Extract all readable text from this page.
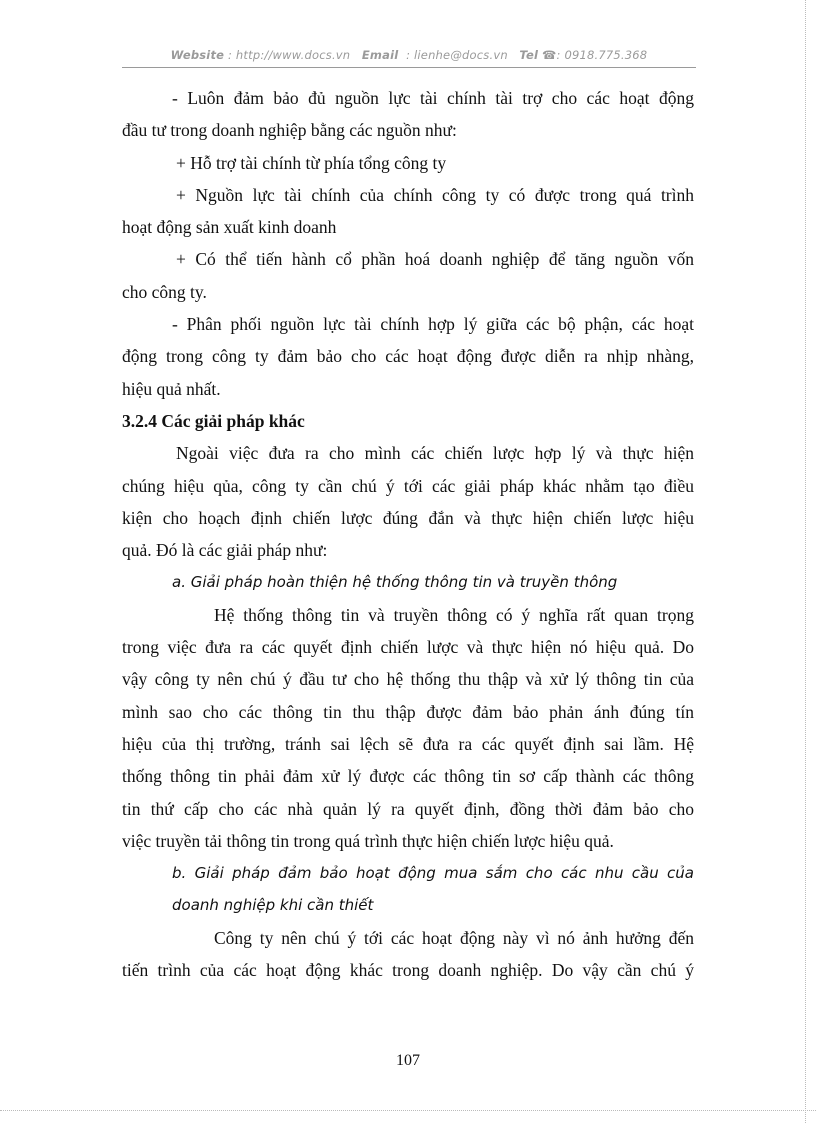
Website : http://www.docs.vn Email : lienhe@docs.vn Tel ☎: 0918.775.368
- Luôn đảm bảo đủ nguồn lực tài chính tài trợ cho các hoạt động
đầu tư trong doanh nghiệp bằng các nguồn như:
+ Hỗ trợ tài chính từ phía tổng công ty
+ Nguồn lực tài chính của chính công ty có được trong quá trình
hoạt động sản xuất kinh doanh
+ Có thể tiến hành cổ phần hoá doanh nghiệp để tăng nguồn vốn
cho công ty.
- Phân phối nguồn lực tài chính hợp lý giữa các bộ phận, các hoạt
động trong công ty đảm bảo cho các hoạt động được diễn ra nhịp nhàng,
hiệu quả nhất.
3.2.4 Các giải pháp khác
Ngoài việc đưa ra cho mình các chiến lược hợp lý và thực hiện
chúng hiệu qủa, công ty cần chú ý tới các giải pháp khác nhằm tạo điều
kiện cho hoạch định chiến lược đúng đắn và thực hiện chiến lược hiệu
quả. Đó là các giải pháp như:
a. Giải pháp hoàn thiện hệ thống thông tin và truyền thông
Hệ thống thông tin và truyền thông có ý nghĩa rất quan trọng
trong việc đưa ra các quyết định chiến lược và thực hiện nó hiệu quả. Do
vậy công ty nên chú ý đầu tư cho hệ thống thu thập và xử lý thông tin của
mình sao cho các thông tin thu thập được đảm bảo phản ánh đúng tín
hiệu của thị trường, tránh sai lệch sẽ đưa ra các quyết định sai lầm. Hệ
thống thông tin phải đảm xử lý được các thông tin sơ cấp thành các thông
tin thứ cấp cho các nhà quản lý ra quyết định, đồng thời đảm bảo cho
việc truyền tải thông tin trong quá trình thực hiện chiến lược hiệu quả.
b. Giải pháp đảm bảo hoạt động mua sắm cho các nhu cầu của
doanh nghiệp khi cần thiết
Công ty nên chú ý tới các hoạt động này vì nó ảnh hưởng đến
tiến trình của các hoạt động khác trong doanh nghiệp. Do vậy cần chú ý
107
